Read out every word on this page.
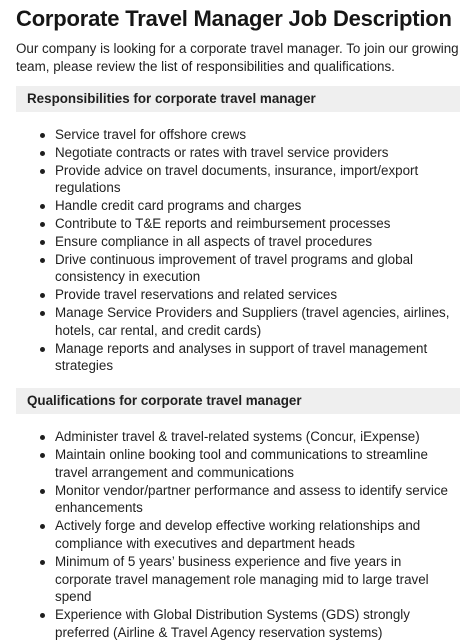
Corporate Travel Manager Job Description

Our company is looking for a corporate travel manager. To join our growing team, please review the list of responsibilities and qualifications.

Responsibilities for corporate travel manager
Service travel for offshore crews
Negotiate contracts or rates with travel service providers
Provide advice on travel documents, insurance, import/export regulations
Handle credit card programs and charges
Contribute to T&E reports and reimbursement processes
Ensure compliance in all aspects of travel procedures
Drive continuous improvement of travel programs and global consistency in execution
Provide travel reservations and related services
Manage Service Providers and Suppliers (travel agencies, airlines, hotels, car rental, and credit cards)
Manage reports and analyses in support of travel management strategies
Qualifications for corporate travel manager
Administer travel & travel-related systems (Concur, iExpense)
Maintain online booking tool and communications to streamline travel arrangement and communications
Monitor vendor/partner performance and assess to identify service enhancements
Actively forge and develop effective working relationships and compliance with executives and department heads
Minimum of 5 years’ business experience and five years in corporate travel management role managing mid to large travel spend
Experience with Global Distribution Systems (GDS) strongly preferred (Airline & Travel Agency reservation systems)
